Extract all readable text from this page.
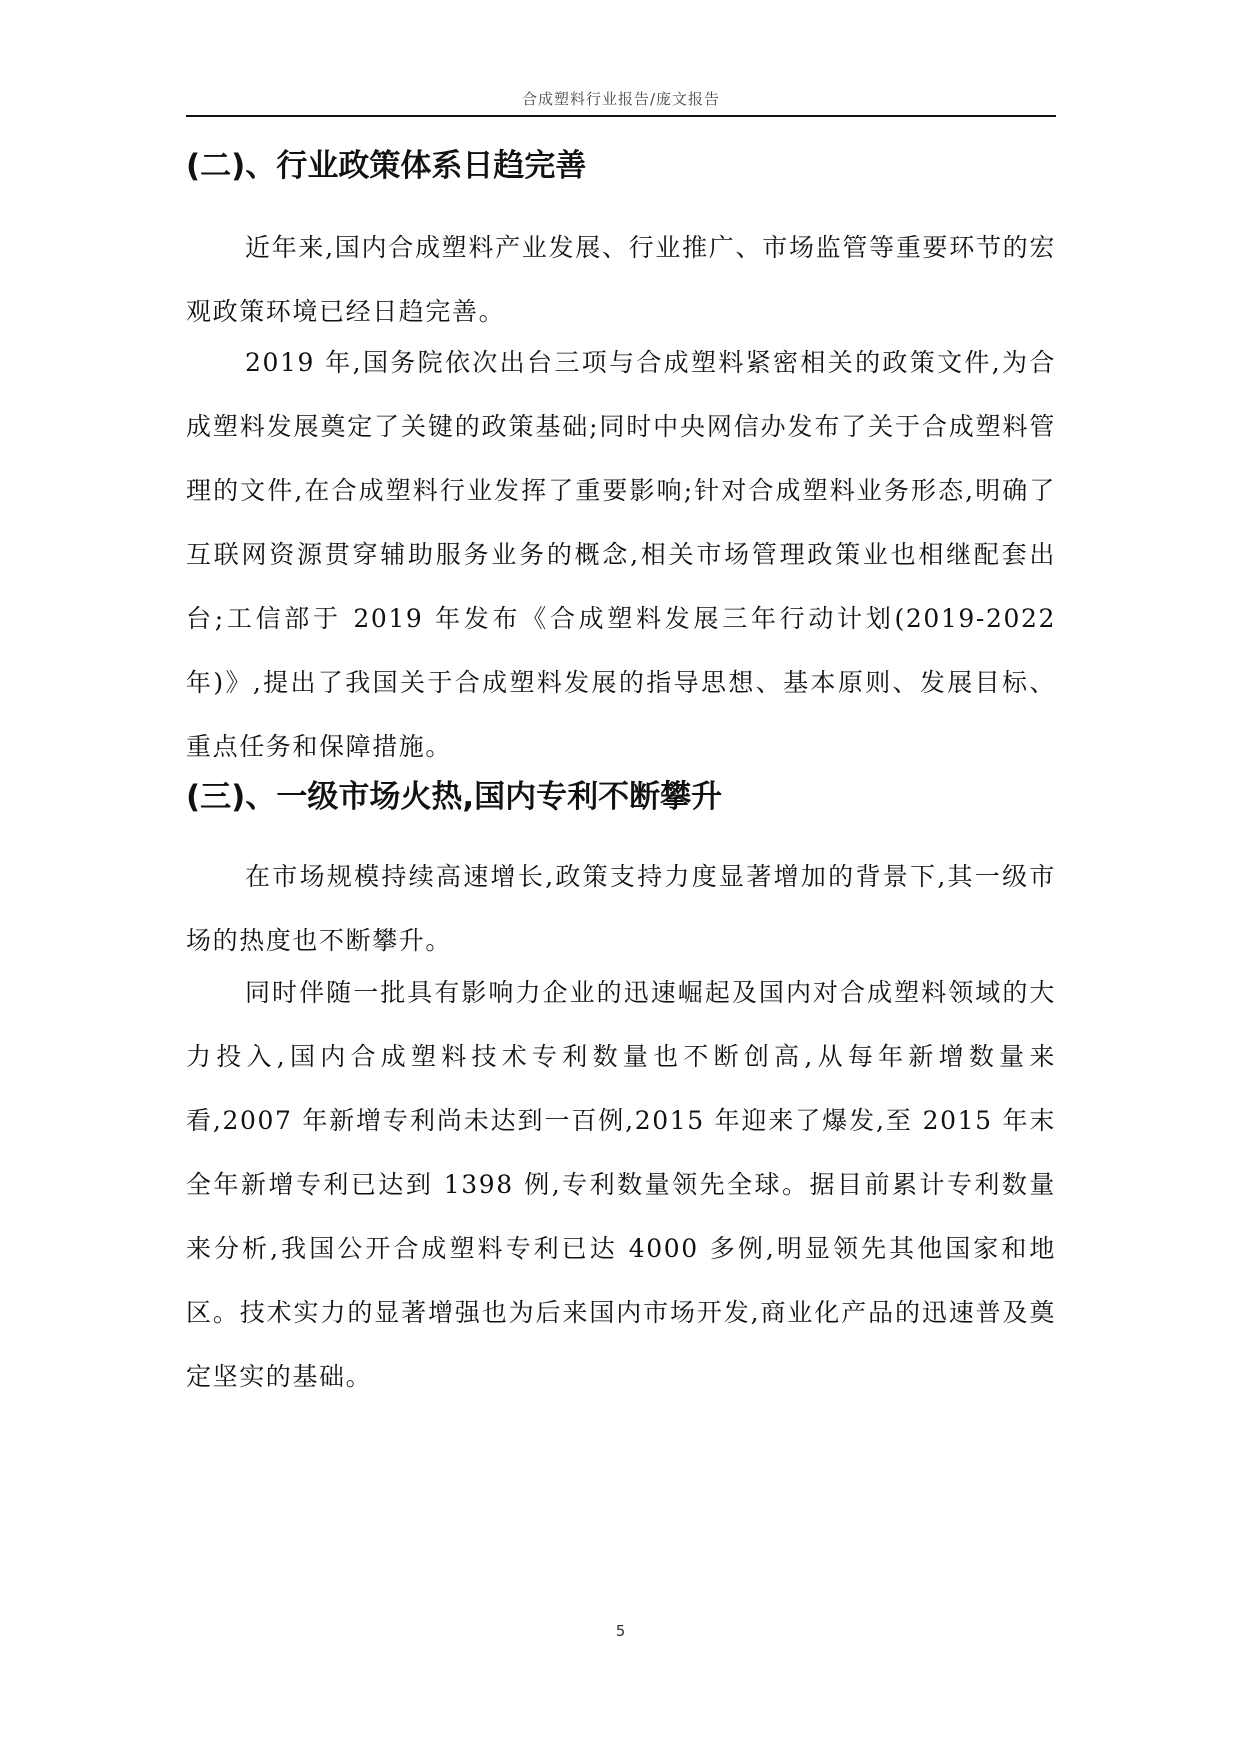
合成塑料行业报告/庞文报告
(二)、行业政策体系日趋完善

近年来,国内合成塑料产业发展、行业推广、市场监管等重要环节的宏观政策环境已经日趋完善。

2019 年,国务院依次出台三项与合成塑料紧密相关的政策文件,为合成塑料发展奠定了关键的政策基础;同时中央网信办发布了关于合成塑料管理的文件,在合成塑料行业发挥了重要影响;针对合成塑料业务形态,明确了互联网资源贯穿辅助服务业务的概念,相关市场管理政策业也相继配套出台;工信部于 2019 年发布《合成塑料发展三年行动计划(2019-2022 年)》,提出了我国关于合成塑料发展的指导思想、基本原则、发展目标、重点任务和保障措施。

(三)、一级市场火热,国内专利不断攀升

在市场规模持续高速增长,政策支持力度显著增加的背景下,其一级市场的热度也不断攀升。

同时伴随一批具有影响力企业的迅速崛起及国内对合成塑料领域的大力投入,国内合成塑料技术专利数量也不断创高,从每年新增数量来看,2007 年新增专利尚未达到一百例,2015 年迎来了爆发,至 2015 年末全年新增专利已达到 1398 例,专利数量领先全球。据目前累计专利数量来分析,我国公开合成塑料专利已达 4000 多例,明显领先其他国家和地区。技术实力的显著增强也为后来国内市场开发,商业化产品的迅速普及奠定坚实的基础。

5
